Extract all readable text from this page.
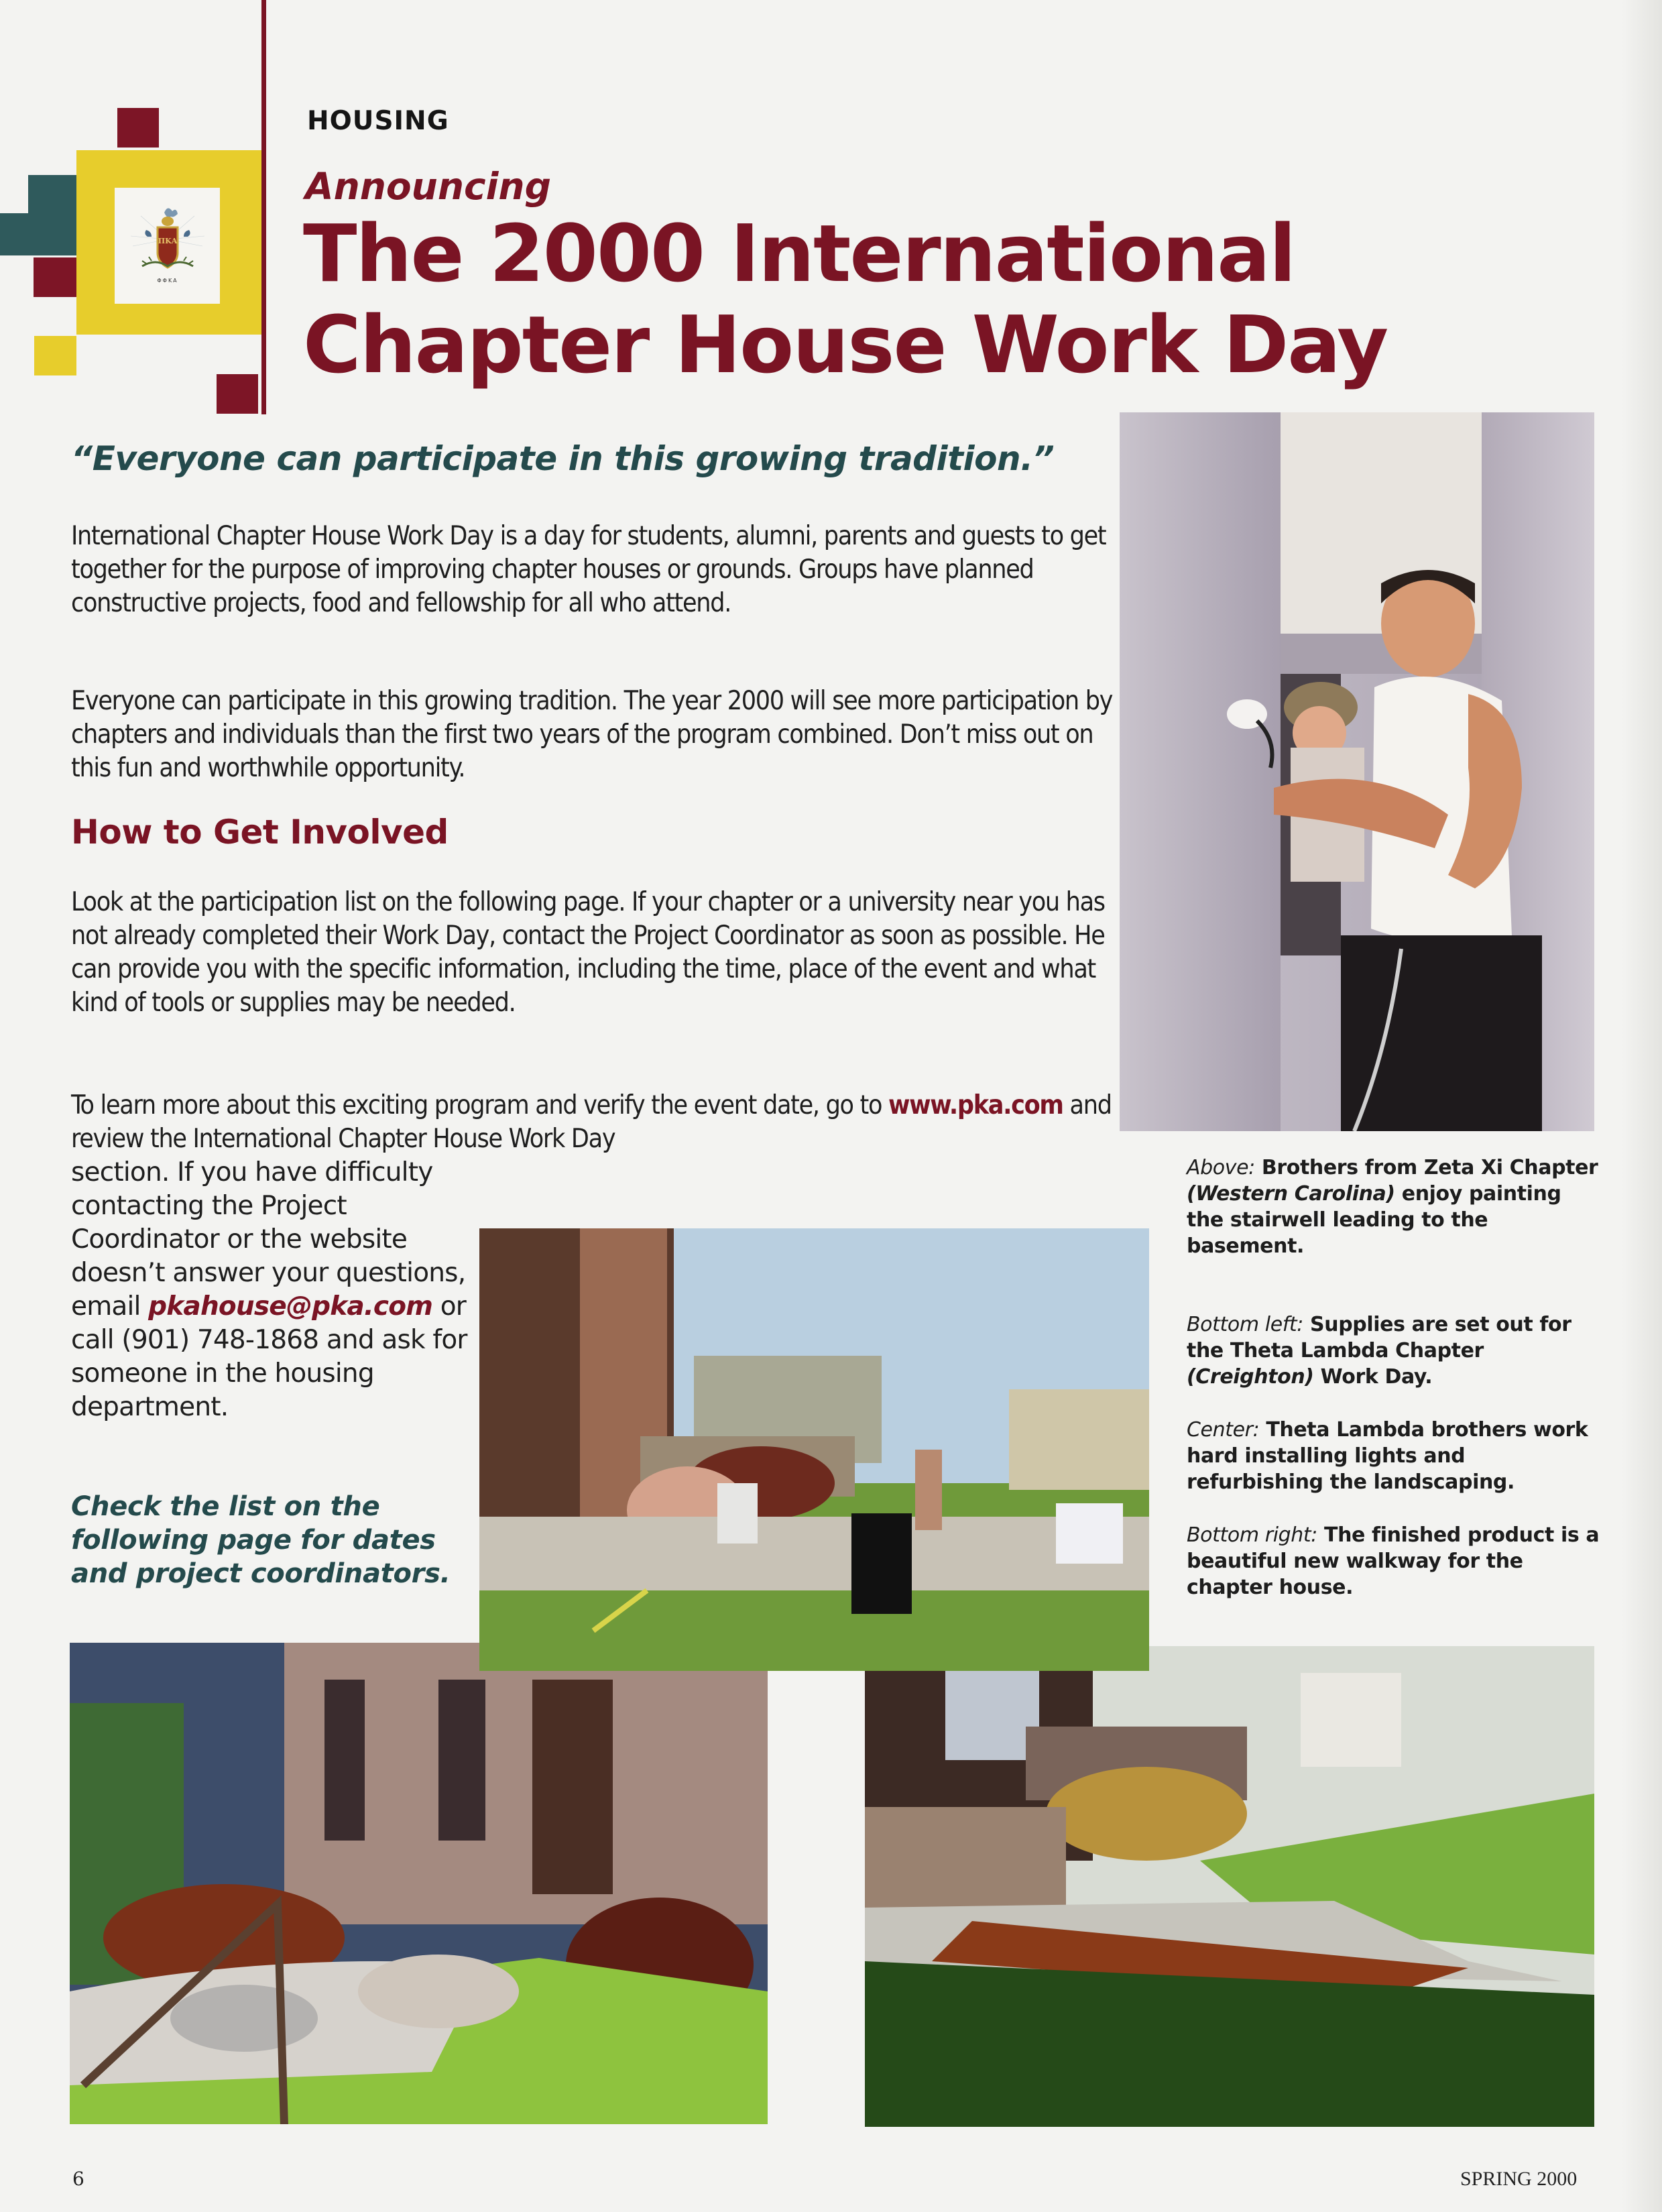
ΠΚΑ
ΦΦΚΑ
HOUSING
Announcing
The 2000 International
Chapter House Work Day
“Everyone can participate in this growing tradition.”
International Chapter House Work Day is a day for students, alumni, parents and guests to get together for the purpose of improving chapter houses or grounds. Groups have planned constructive projects, food and fellowship for all who attend.
Everyone can participate in this growing tradition. The year 2000 will see more participation by chapters and individuals than the first two years of the program combined. Don’t miss out on this fun and worthwhile opportunity.
How to Get Involved
Look at the participation list on the following page. If your chapter or a university near you has not already completed their Work Day, contact the Project Coordinator as soon as possible. He can provide you with the specific information, including the time, place of the event and what kind of tools or supplies may be needed.
To learn more about this exciting program and verify the event date, go to www.pka.com and review the International Chapter House Work Day
section. If you have difficulty contacting the Project Coordinator or the website doesn’t answer your questions, email pkahouse@pka.com or call (901) 748-1868 and ask for someone in the housing department.
Check the list on the following page for dates and project coordinators.

Above: Brothers from Zeta Xi Chapter (Western Carolina) enjoy painting the stairwell leading to the basement.

Bottom left: Supplies are set out for the Theta Lambda Chapter (Creighton) Work Day.

Center: Theta Lambda brothers work hard installing lights and refurbishing the landscaping.

Bottom right: The finished product is a beautiful new walkway for the chapter house.

6	SPRING 2000
